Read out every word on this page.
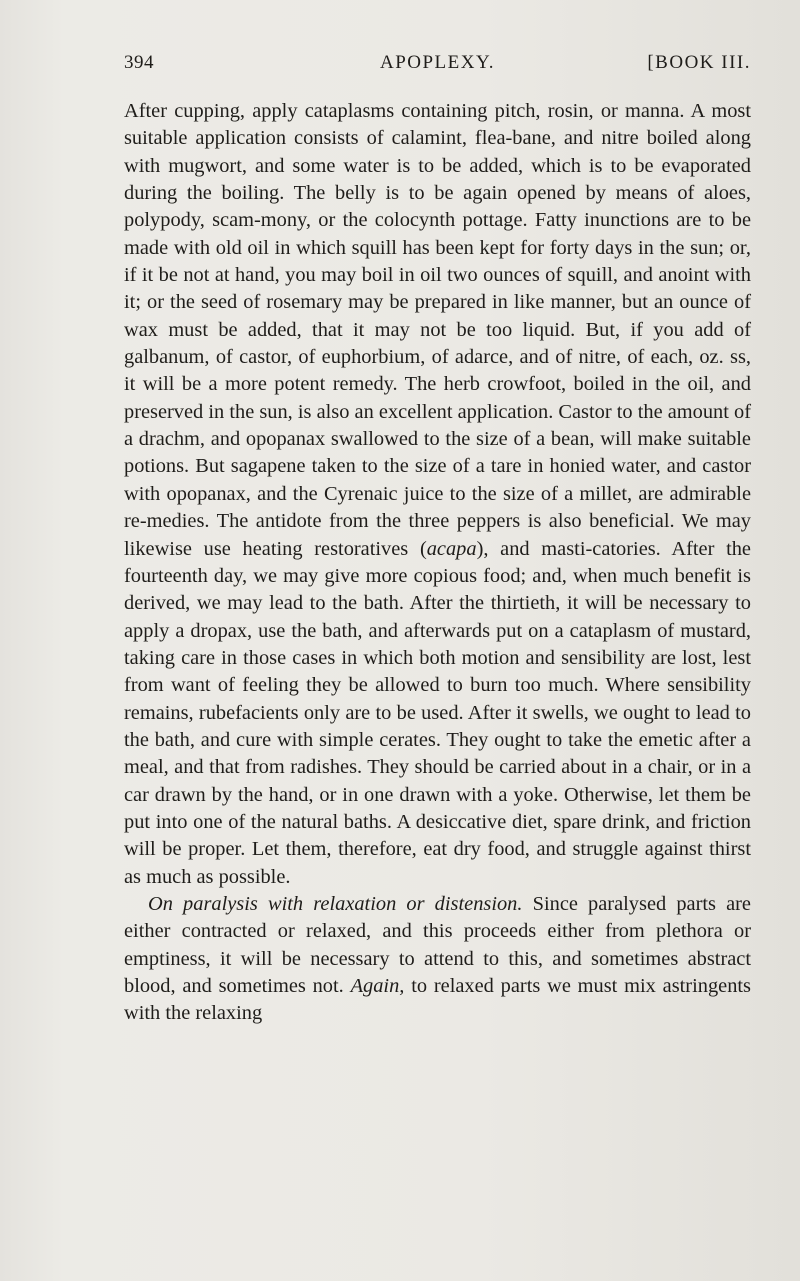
394	APOPLEXY.	[BOOK III.

After cupping, apply cataplasms containing pitch, rosin, or manna. A most suitable application consists of calamint, flea-bane, and nitre boiled along with mugwort, and some water is to be added, which is to be evaporated during the boiling. The belly is to be again opened by means of aloes, polypody, scam-mony, or the colocynth pottage. Fatty inunctions are to be made with old oil in which squill has been kept for forty days in the sun; or, if it be not at hand, you may boil in oil two ounces of squill, and anoint with it; or the seed of rosemary may be prepared in like manner, but an ounce of wax must be added, that it may not be too liquid. But, if you add of galbanum, of castor, of euphorbium, of adarce, and of nitre, of each, oz. ss, it will be a more potent remedy. The herb crowfoot, boiled in the oil, and preserved in the sun, is also an excellent application. Castor to the amount of a drachm, and opopanax swallowed to the size of a bean, will make suitable potions. But sagapene taken to the size of a tare in honied water, and castor with opopanax, and the Cyrenaic juice to the size of a millet, are admirable re-medies. The antidote from the three peppers is also beneficial. We may likewise use heating restoratives (acapa), and masti-catories. After the fourteenth day, we may give more copious food; and, when much benefit is derived, we may lead to the bath. After the thirtieth, it will be necessary to apply a dropax, use the bath, and afterwards put on a cataplasm of mustard, taking care in those cases in which both motion and sensibility are lost, lest from want of feeling they be allowed to burn too much. Where sensibility remains, rubefacients only are to be used. After it swells, we ought to lead to the bath, and cure with simple cerates. They ought to take the emetic after a meal, and that from radishes. They should be carried about in a chair, or in a car drawn by the hand, or in one drawn with a yoke. Otherwise, let them be put into one of the natural baths. A desiccative diet, spare drink, and friction will be proper. Let them, therefore, eat dry food, and struggle against thirst as much as possible.

On paralysis with relaxation or distension. Since paralysed parts are either contracted or relaxed, and this proceeds either from plethora or emptiness, it will be necessary to attend to this, and sometimes abstract blood, and sometimes not. Again, to relaxed parts we must mix astringents with the relaxing
